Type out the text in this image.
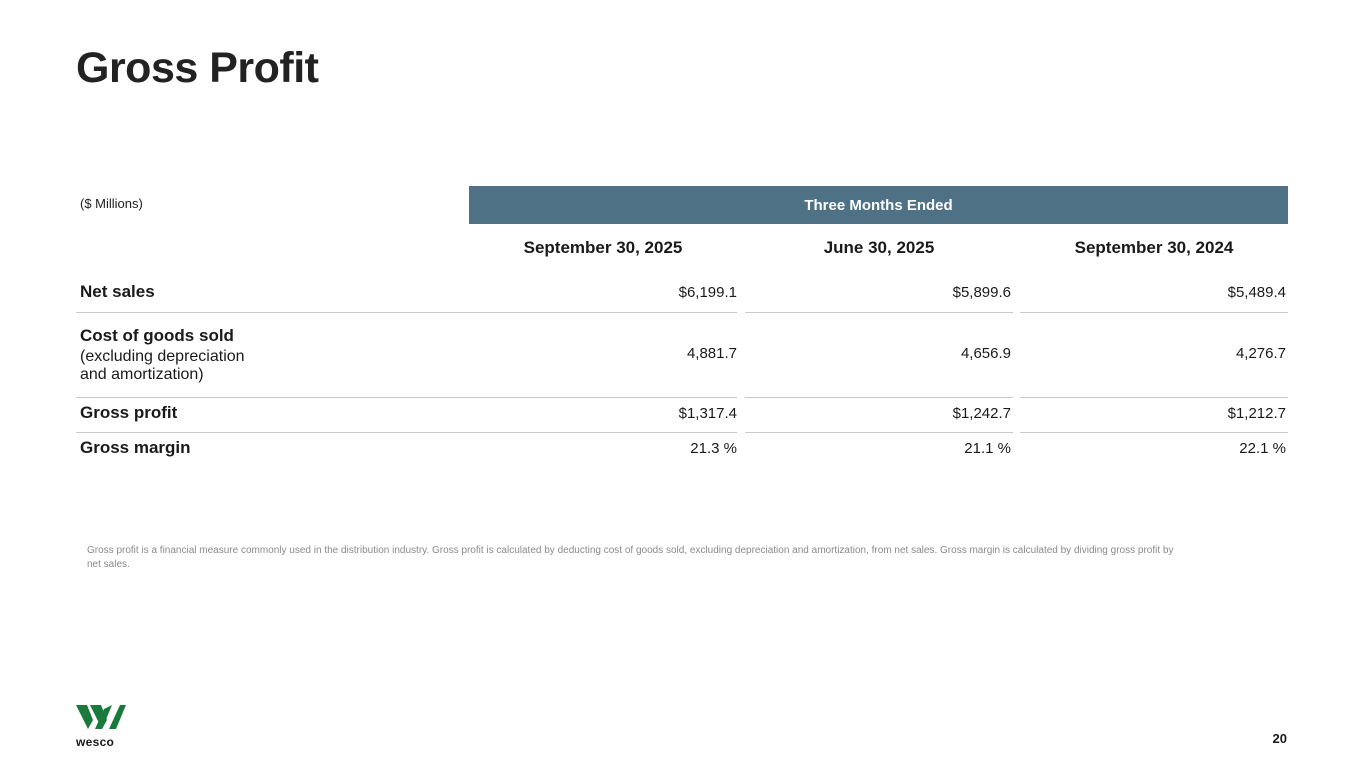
Gross Profit
($ Millions)	Three Months Ended
September 30, 2025	June 30, 2025	September 30, 2024
Net sales	$6,199.1	$5,899.6	$5,489.4
Cost of goods sold
(excluding depreciation
and amortization)
4,881.7	4,656.9	4,276.7
Gross profit	$1,317.4	$1,242.7	$1,212.7
Gross margin	21.3 %	21.1 %	22.1 %
Gross profit is a financial measure commonly used in the distribution industry. Gross profit is calculated by deducting cost of goods sold, excluding depreciation and amortization, from net sales. Gross margin is calculated by dividing gross profit by net sales.
wesco	20
